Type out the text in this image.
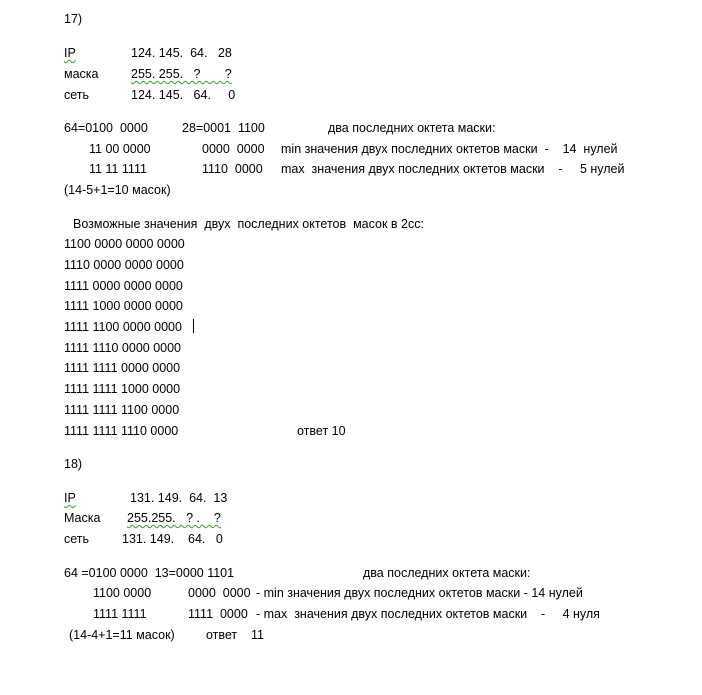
17)
IP	124. 145.  64.   28
маска	255. 255.   ?       ?
сеть	124. 145.   64.     0
64=0100  0000	28=0001  1100	два последних октета маски:
11 00 0000	0000  0000 min значения двух последних октетов маски  -    14  нулей
11 11 1111	1110  0000 max  значения двух последних октетов маски    -     5 нулей
(14-5+1=10 масок)
Возможные значения  двух  последних октетов  масок в 2сс:
1100 0000 0000 0000
1110 0000 0000 0000
1111 0000 0000 0000
1111 1000 0000 0000
1111 1100 0000 0000
1111 1110 0000 0000
1111 1111 0000 0000
1111 1111 1000 0000
1111 1111 1100 0000
1111 1111 1110 0000	ответ 10
18)
IP	131. 149.  64.  13
Маска 255.255.   ? .    ?
сеть	131. 149.    64.   0
64 =0100 0000  13=0000 1101	два последних октета маски:
1100 0000	0000  0000 - min значения двух последних октетов маски - 14 нулей
1111 1111	1111  0000 - max  значения двух последних октетов маски    -     4 нуля
(14-4+1=11 масок)         ответ    11
